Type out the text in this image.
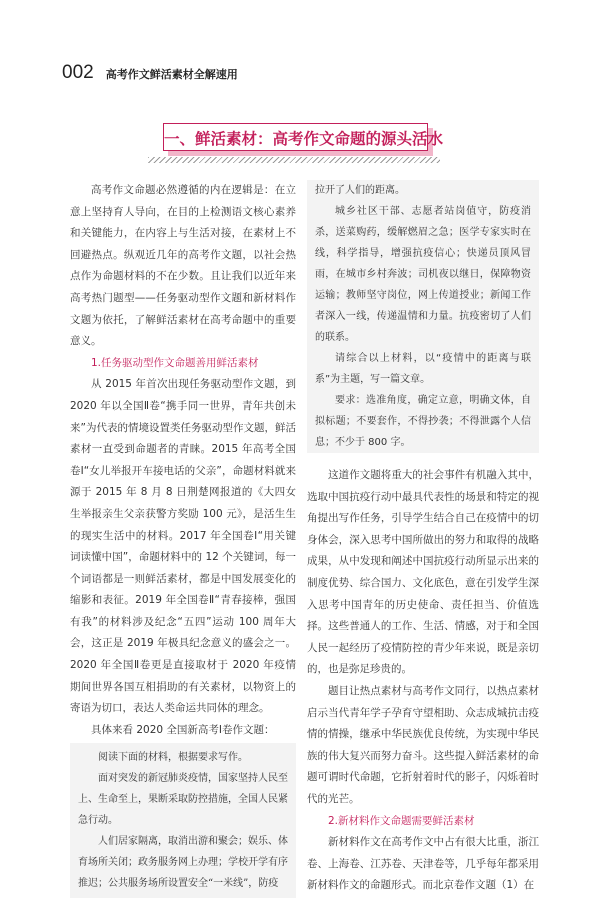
002 高考作文鲜活素材全解速用
一、鲜活素材：高考作文命题的源头活水

高考作文命题必然遵循的内在逻辑是：在立意上坚持育人导向，在目的上检测语文核心素养和关键能力，在内容上与生活对接，在素材上不回避热点。纵观近几年的高考作文题，以社会热点作为命题材料的不在少数。且让我们以近年来高考热门题型——任务驱动型作文题和新材料作文题为依托，了解鲜活素材在高考命题中的重要意义。

1.任务驱动型作文命题善用鲜活素材

从 2015 年首次出现任务驱动型作文题，到 2020 年以全国Ⅱ卷“携手同一世界，青年共创未来”为代表的情境设置类任务驱动型作文题，鲜活素材一直受到命题者的青睐。2015 年高考全国卷Ⅰ“女儿举报开车接电话的父亲”，命题材料就来源于 2015 年 8 月 8 日荆楚网报道的《大四女生举报亲生父亲获警方奖励 100 元》，是活生生的现实生活中的材料。2017 年全国卷Ⅰ“用关键词读懂中国”，命题材料中的 12 个关键词，每一个词语都是一则鲜活素材，都是中国发展变化的缩影和表征。2019 年全国卷Ⅱ“青春接棒，强国有我”的材料涉及纪念“五四”运动 100 周年大会，这正是 2019 年极具纪念意义的盛会之一。2020 年全国Ⅱ卷更是直接取材于 2020 年疫情期间世界各国互相捐助的有关素材，以物资上的寄语为切口，表达人类命运共同体的理念。

具体来看 2020 全国新高考Ⅰ卷作文题：

阅读下面的材料，根据要求写作。

面对突发的新冠肺炎疫情，国家坚持人民至上、生命至上，果断采取防控措施，全国人民紧急行动。

人们居家隔离，取消出游和聚会；娱乐、体育场所关闭；政务服务网上办理；学校开学有序推迟；公共服务场所设置安全“一米线”，防疫

拉开了人们的距离。

城乡社区干部、志愿者站岗值守，防疫消杀，送菜购药，缓解燃眉之急；医学专家实时在线，科学指导，增强抗疫信心；快递员顶风冒雨，在城市乡村奔波；司机夜以继日，保障物资运输；教师坚守岗位，网上传道授业；新闻工作者深入一线，传递温情和力量。抗疫密切了人们的联系。

请综合以上材料，以“疫情中的距离与联系”为主题，写一篇文章。

要求：选准角度，确定立意，明确文体，自拟标题；不要套作，不得抄袭；不得泄露个人信息；不少于 800 字。

这道作文题将重大的社会事件有机融入其中，选取中国抗疫行动中最具代表性的场景和特定的视角提出写作任务，引导学生结合自己在疫情中的切身体会，深入思考中国所做出的努力和取得的战略成果，从中发现和阐述中国抗疫行动所显示出来的制度优势、综合国力、文化底色，意在引发学生深入思考中国青年的历史使命、责任担当、价值选择。这些普通人的工作、生活、情感，对于和全国人民一起经历了疫情防控的青少年来说，既是亲切的，也是弥足珍贵的。

题目让热点素材与高考作文同行，以热点素材启示当代青年学子孕育守望相助、众志成城抗击疫情的情操，继承中华民族优良传统，为实现中华民族的伟大复兴而努力奋斗。这些提入鲜活素材的命题可谓时代命题，它折射着时代的影子，闪烁着时代的光芒。

2.新材料作文命题需要鲜活素材

新材料作文在高考作文中占有很大比重，浙江卷、上海卷、江苏卷、天津卷等，几乎每年都采用新材料作文的命题形式。而北京卷作文题（1）在
